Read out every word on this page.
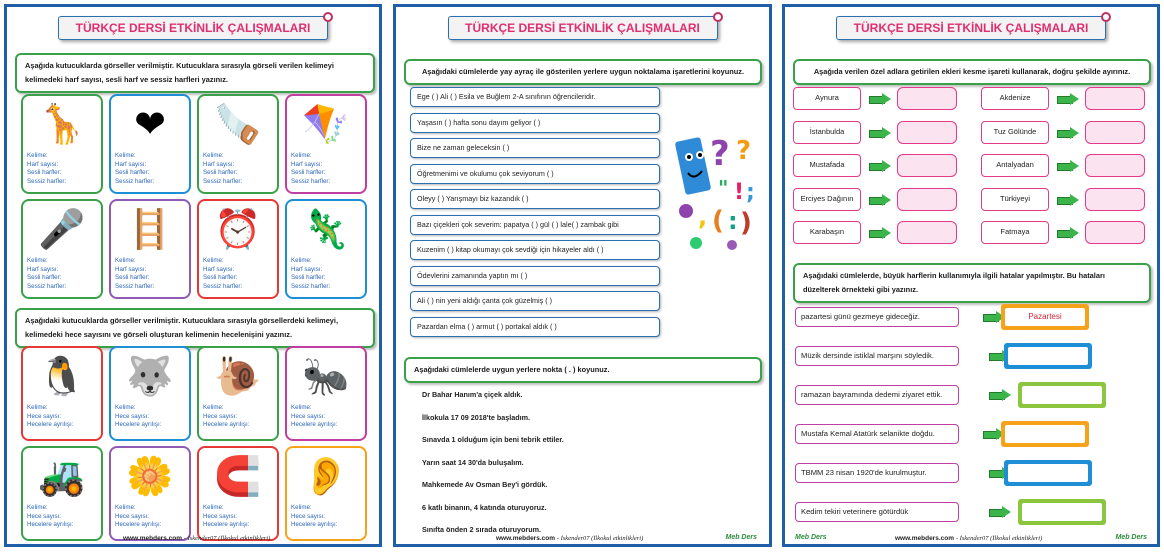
TÜRKÇE DERSİ ETKİNLİK ÇALIŞMALARI
Aşağıda kutucuklarda görseller verilmiştir. Kutucuklara sırasıyla görseli verilen kelimeyi kelimedeki harf sayısı, sesli harf ve sessiz harfleri yazınız.
🦒
Kelime:
Harf sayısı:
Sesli harfler:
Sessiz harfler:
❤
Kelime:
Harf sayısı:
Sesli harfler:
Sessiz harfler:
🪚
Kelime:
Harf sayısı:
Sesli harfler:
Sessiz harfler:
🪁
Kelime:
Harf sayısı:
Sesli harfler:
Sessiz harfler:
🎤
Kelime:
Harf sayısı:
Sesli harfler:
Sessiz harfler:
🪜
Kelime:
Harf sayısı:
Sesli harfler:
Sessiz harfler:
⏰
Kelime:
Harf sayısı:
Sesli harfler:
Sessiz harfler:
🦎
Kelime:
Harf sayısı:
Sesli harfler:
Sessiz harfler:
Aşağıdaki kutucuklarda görseller verilmiştir. Kutucuklara sırasıyla görsellerdeki kelimeyi, kelimedeki hece sayısını ve görseli oluşturan kelimenin hecelenişini yazınız.
🐧
Kelime:
Hece sayısı:
Hecelere ayrılışı:
🐺
Kelime:
Hece sayısı:
Hecelere ayrılışı:
🐌
Kelime:
Hece sayısı:
Hecelere ayrılışı:
🐜
Kelime:
Hece sayısı:
Hecelere ayrılışı:
🚜
Kelime:
Hece sayısı:
Hecelere ayrılışı:
🌼
Kelime:
Hece sayısı:
Hecelere ayrılışı:
🧲
Kelime:
Hece sayısı:
Hecelere ayrılışı:
👂
Kelime:
Hece sayısı:
Hecelere ayrılışı:
www.mebders.com - İskender07 (İlkokul etkinlikleri)
TÜRKÇE DERSİ ETKİNLİK ÇALIŞMALARI
Aşağıdaki cümlelerde yay ayraç ile gösterilen yerlere uygun noktalama işaretlerini koyunuz.
Ege ( ) Ali ( ) Esila ve Buğlem 2-A sınıfının öğrencileridir.
Yaşasın ( ) hafta sonu dayım geliyor ( )
Bize ne zaman geleceksin ( )
Öğretmenimi ve okulumu çok seviyorum ( )
Oleyy ( ) Yarışmayı biz kazandık ( )
Bazı çiçekleri çok severim: papatya ( ) gül ( ) lale( ) zambak gibi
Kuzenim ( ) kitap okumayı çok sevdiği için hikayeler aldı ( )
Ödevlerini zamanında yaptın mı ( )
Ali ( ) nin yeni aldığı çanta çok güzelmiş ( )
Pazardan elma ( ) armut ( ) portakal aldık ( )
? ?
" ! ;
, ( : )
Aşağıdaki cümlelerde uygun yerlere nokta ( . ) koyunuz.
Dr Bahar Hanım'a çiçek aldık.
İlkokula 17 09 2018'te başladım.
Sınavda 1 olduğum için beni tebrik ettiler.
Yarın saat 14 30'da buluşalım.
Mahkemede Av Osman Bey'i gördük.
6 katlı binanın, 4 katında oturuyoruz.
Sınıfta önden 2 sırada oturuyorum.
www.mebders.com - İskender07 (İlkokul etkinlikleri)	Meb Ders
TÜRKÇE DERSİ ETKİNLİK ÇALIŞMALARI
Aşağıda verilen özel adlara getirilen ekleri kesme işareti kullanarak, doğru şekilde ayırınız.
Aynura
İstanbulda
Mustafada
Erciyes Dağının
Karabaşın
Akdenize
Tuz Gölünde
Antalyadan
Türkiyeyi
Fatmaya
Aşağıdaki cümlelerde, büyük harflerin kullanımıyla ilgili hatalar yapılmıştır. Bu hataları düzelterek örnekteki gibi yazınız.
pazartesi günü gezmeye gideceğiz.	Pazartesi
Müzik dersinde istiklal marşını söyledik.
ramazan bayramında dedemi ziyaret ettik.
Mustafa Kemal Atatürk selanikte doğdu.
TBMM 23 nisan 1920'de kurulmuştur.
Kedim tekiri veterinere götürdük
Meb Ders	www.mebders.com - İskender07 (İlkokul etkinlikleri)	Meb Ders
